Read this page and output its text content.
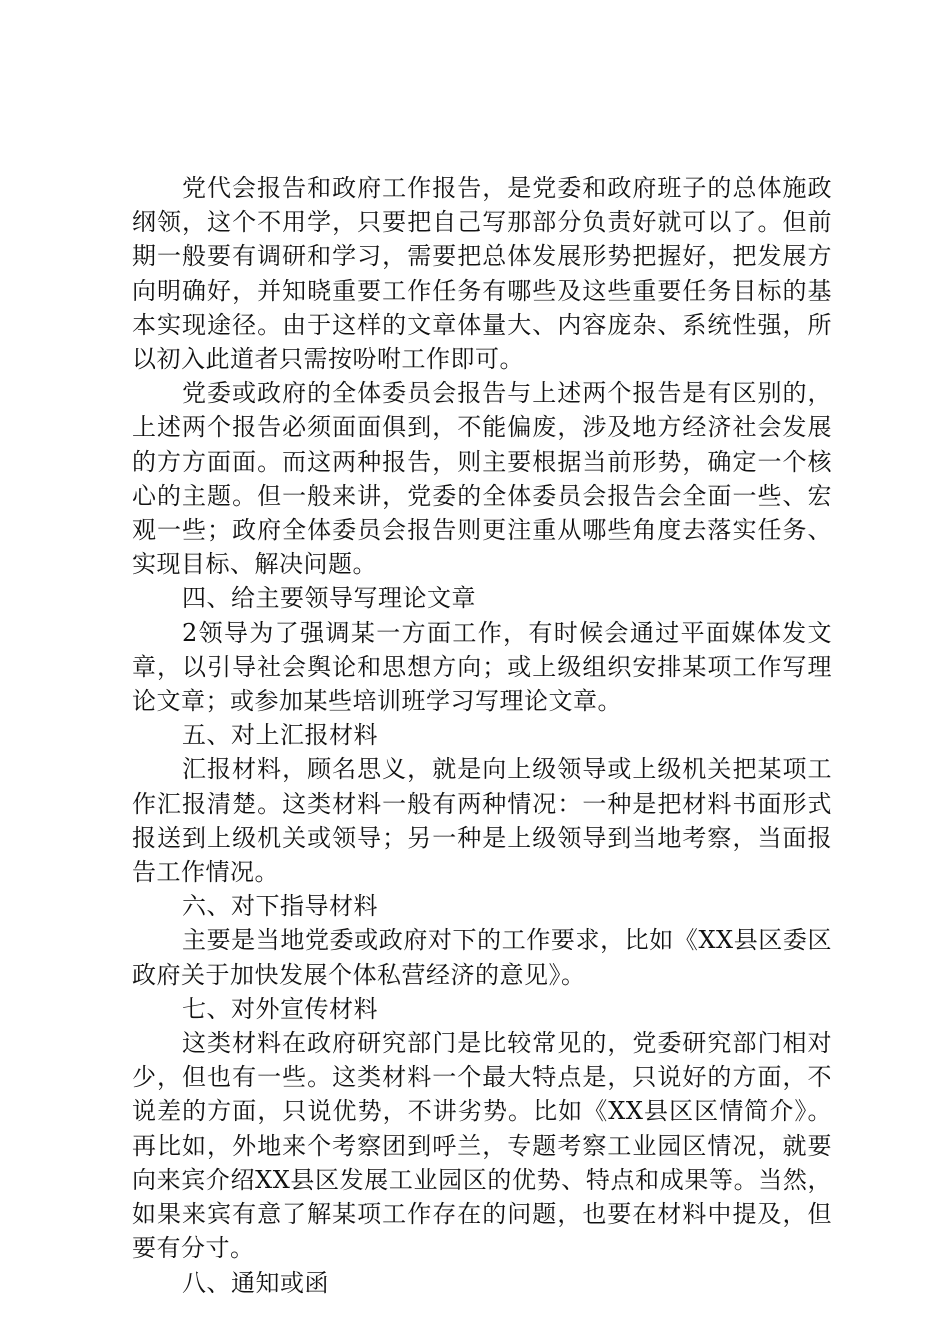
党代会报告和政府工作报告，是党委和政府班子的总体施政纲领，这个不用学，只要把自己写那部分负责好就可以了。但前期一般要有调研和学习，需要把总体发展形势把握好，把发展方向明确好，并知晓重要工作任务有哪些及这些重要任务目标的基本实现途径。由于这样的文章体量大、内容庞杂、系统性强，所以初入此道者只需按吩咐工作即可。

党委或政府的全体委员会报告与上述两个报告是有区别的，上述两个报告必须面面俱到，不能偏废，涉及地方经济社会发展的方方面面。而这两种报告，则主要根据当前形势，确定一个核心的主题。但一般来讲，党委的全体委员会报告会全面一些、宏观一些；政府全体委员会报告则更注重从哪些角度去落实任务、实现目标、解决问题。

四、给主要领导写理论文章

2领导为了强调某一方面工作，有时候会通过平面媒体发文章，以引导社会舆论和思想方向；或上级组织安排某项工作写理论文章；或参加某些培训班学习写理论文章。

五、对上汇报材料

汇报材料，顾名思义，就是向上级领导或上级机关把某项工作汇报清楚。这类材料一般有两种情况：一种是把材料书面形式报送到上级机关或领导；另一种是上级领导到当地考察，当面报告工作情况。

六、对下指导材料

主要是当地党委或政府对下的工作要求，比如《XX县区委区政府关于加快发展个体私营经济的意见》。

七、对外宣传材料

这类材料在政府研究部门是比较常见的，党委研究部门相对少，但也有一些。这类材料一个最大特点是，只说好的方面，不说差的方面，只说优势，不讲劣势。比如《XX县区区情简介》。再比如，外地来个考察团到呼兰，专题考察工业园区情况，就要向来宾介绍XX县区发展工业园区的优势、特点和成果等。当然，如果来宾有意了解某项工作存在的问题，也要在材料中提及，但要有分寸。

八、通知或函
